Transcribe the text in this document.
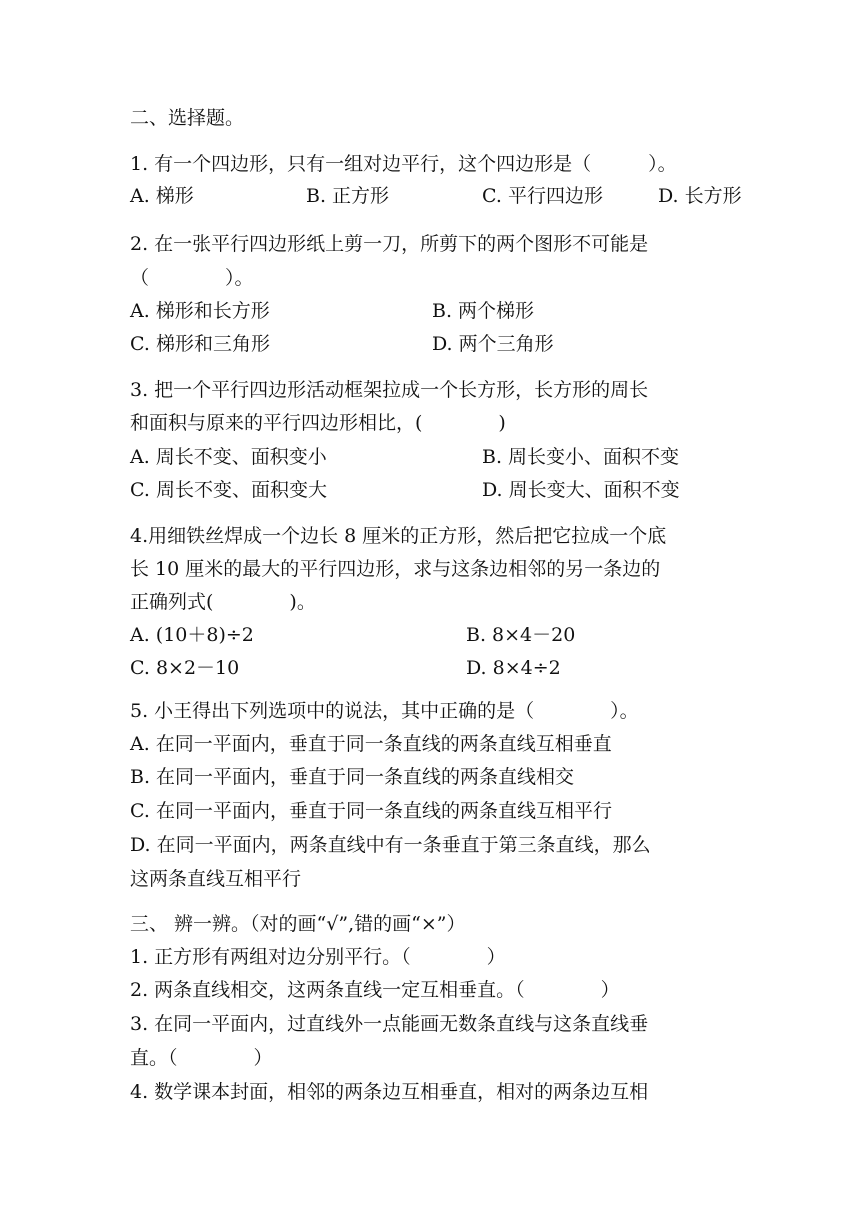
二、选择题。
1. 有一个四边形，只有一组对边平行，这个四边形是（　　　）。
A. 梯形	B. 正方形	C. 平行四边形	D. 长方形
2. 在一张平行四边形纸上剪一刀，所剪下的两个图形不可能是
（　　　　）。
A. 梯形和长方形	B. 两个梯形
C. 梯形和三角形	D. 两个三角形
3. 把一个平行四边形活动框架拉成一个长方形，长方形的周长
和面积与原来的平行四边形相比，(　　　　)
A. 周长不变、面积变小	B. 周长变小、面积不变
C. 周长不变、面积变大	D. 周长变大、面积不变
4.用细铁丝焊成一个边长 8 厘米的正方形，然后把它拉成一个底
长 10 厘米的最大的平行四边形，求与这条边相邻的另一条边的
正确列式(　　　　)。
A. (10＋8)÷2	B. 8×4－20
C. 8×2－10	D. 8×4÷2
5. 小王得出下列选项中的说法，其中正确的是（　　　　）。
A. 在同一平面内，垂直于同一条直线的两条直线互相垂直
B. 在同一平面内，垂直于同一条直线的两条直线相交
C. 在同一平面内，垂直于同一条直线的两条直线互相平行
D. 在同一平面内，两条直线中有一条垂直于第三条直线，那么
这两条直线互相平行
三、 辨一辨。（对的画“√”,错的画“×”）
1. 正方形有两组对边分别平行。（　　　　）
2. 两条直线相交，这两条直线一定互相垂直。（　　　　）
3. 在同一平面内，过直线外一点能画无数条直线与这条直线垂
直。（　　　　）
4. 数学课本封面，相邻的两条边互相垂直，相对的两条边互相
